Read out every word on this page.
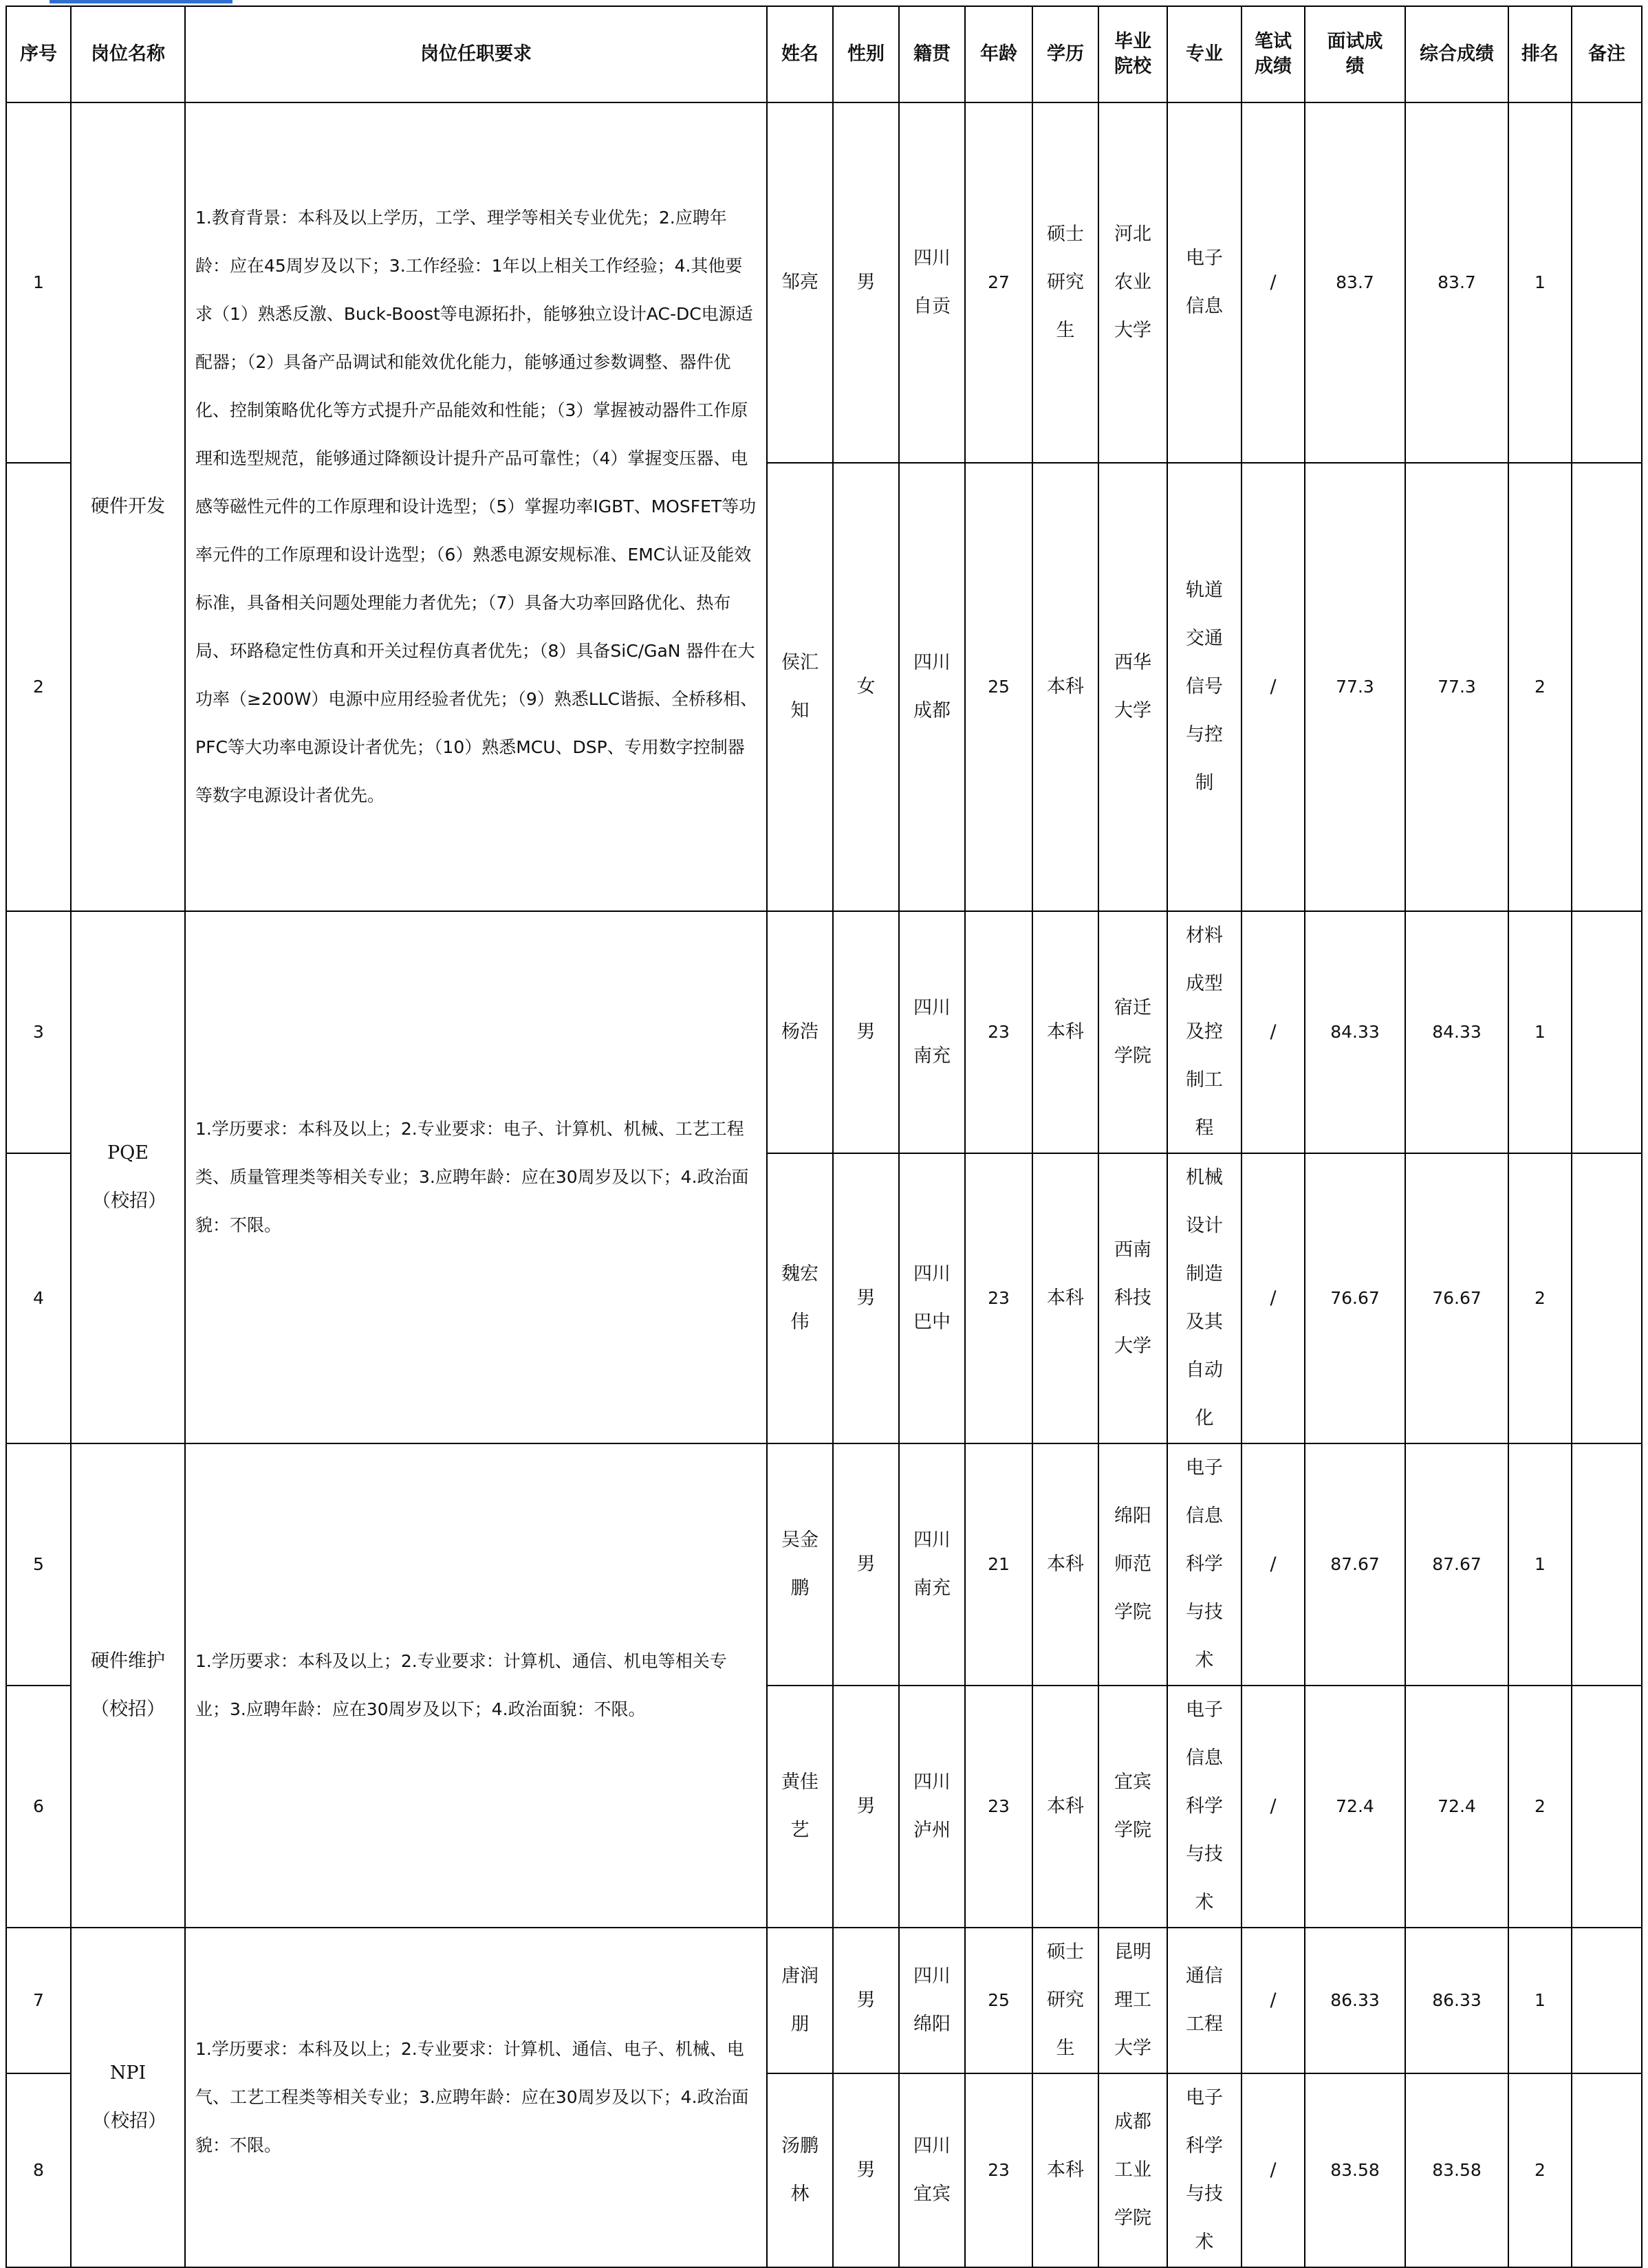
序号	岗位名称	岗位任职要求	姓名	性别	籍贯	年龄	学历	毕业院校	专业	笔试成绩	面试成绩	综合成绩	排名	备注
1	硬件开发	1.教育背景：本科及以上学历，工学、理学等相关专业优先；2.应聘年龄：应在45周岁及以下；3.工作经验：1年以上相关工作经验；4.其他要求（1）熟悉反激、Buck-Boost等电源拓扑，能够独立设计AC-DC电源适配器；（2）具备产品调试和能效优化能力，能够通过参数调整、器件优化、控制策略优化等方式提升产品能效和性能；（3）掌握被动器件工作原理和选型规范，能够通过降额设计提升产品可靠性；（4）掌握变压器、电感等磁性元件的工作原理和设计选型；（5）掌握功率IGBT、MOSFET等功率元件的工作原理和设计选型；（6）熟悉电源安规标准、EMC认证及能效标准，具备相关问题处理能力者优先；（7）具备大功率回路优化、热布局、环路稳定性仿真和开关过程仿真者优先；（8）具备SiC/GaN 器件在大功率（≥200W）电源中应用经验者优先；（9）熟悉LLC谐振、全桥移相、PFC等大功率电源设计者优先；（10）熟悉MCU、DSP、专用数字控制器等数字电源设计者优先。	邹亮	男	四川自贡	27	硕士研究生	河北农业大学	电子信息	/	83.7	83.7	1	
2			侯汇知	女	四川成都	25	本科	西华大学	轨道交通信号与控制	/	77.3	77.3	2	
3	PQE（校招）	1.学历要求：本科及以上；2.专业要求：电子、计算机、机械、工艺工程类、质量管理类等相关专业；3.应聘年龄：应在30周岁及以下；4.政治面貌：不限。	杨浩	男	四川南充	23	本科	宿迁学院	材料成型及控制工程	/	84.33	84.33	1	
4			魏宏伟	男	四川巴中	23	本科	西南科技大学	机械设计制造及其自动化	/	76.67	76.67	2	
5	硬件维护（校招）	1.学历要求：本科及以上；2.专业要求：计算机、通信、机电等相关专业；3.应聘年龄：应在30周岁及以下；4.政治面貌：不限。	吴金鹏	男	四川南充	21	本科	绵阳师范学院	电子信息科学与技术	/	87.67	87.67	1	
6			黄佳艺	男	四川泸州	23	本科	宜宾学院	电子信息科学与技术	/	72.4	72.4	2	
7	NPI（校招）	1.学历要求：本科及以上；2.专业要求：计算机、通信、电子、机械、电气、工艺工程类等相关专业；3.应聘年龄：应在30周岁及以下；4.政治面貌：不限。	唐润朋	男	四川绵阳	25	硕士研究生	昆明理工大学	通信工程	/	86.33	86.33	1	
8			汤鹏林	男	四川宜宾	23	本科	成都工业学院	电子科学与技术	/	83.58	83.58	2	
